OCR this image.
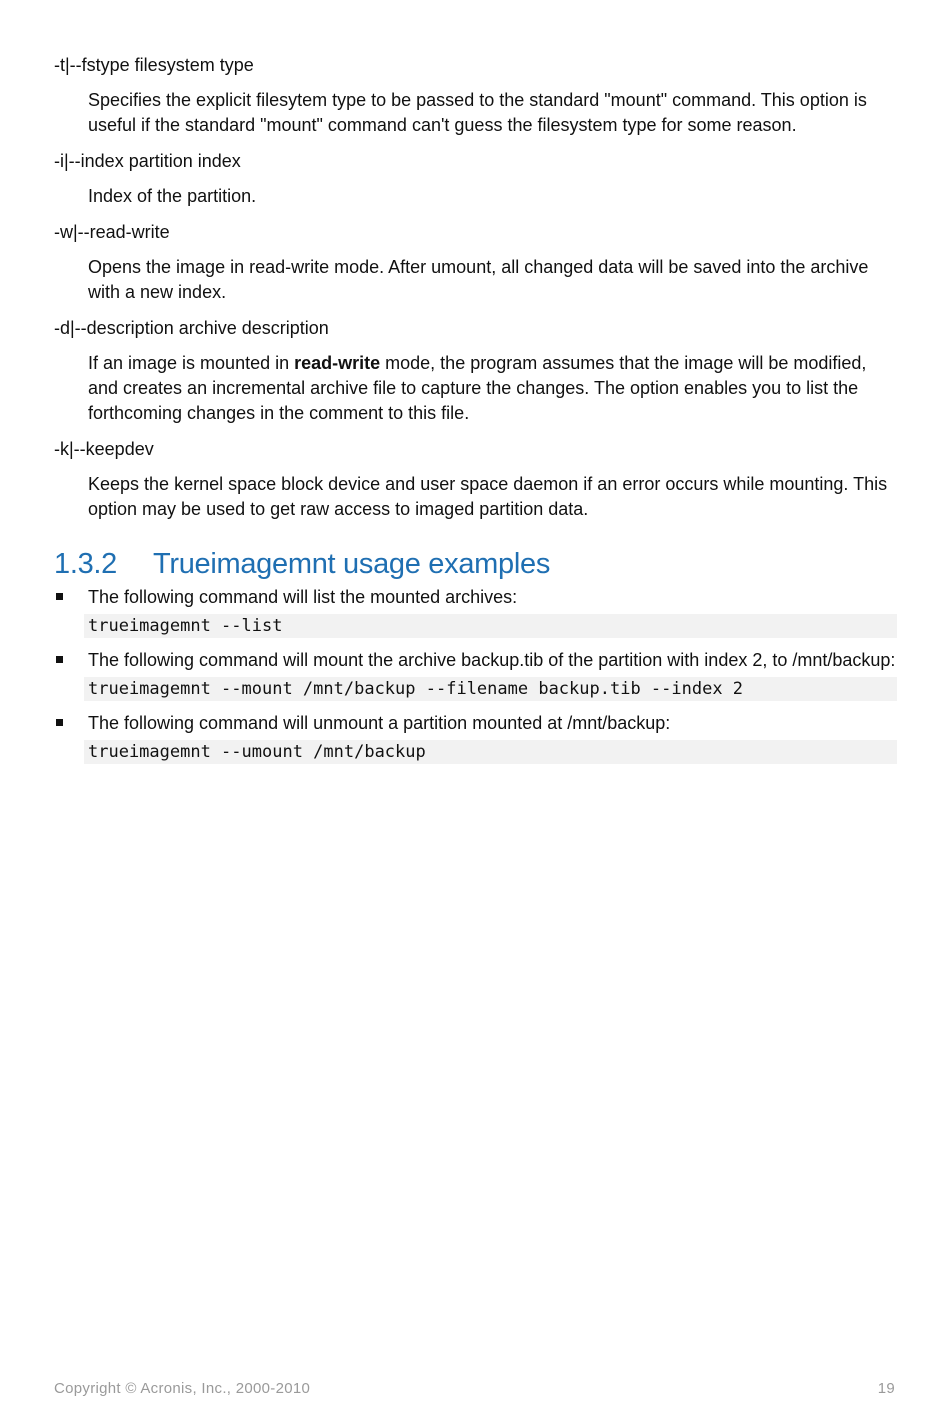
-t|--fstype filesystem type

Specifies the explicit filesytem type to be passed to the standard "mount" command. This option is useful if the standard "mount" command can't guess the filesystem type for some reason.

-i|--index partition index

Index of the partition.

-w|--read-write

Opens the image in read-write mode. After umount, all changed data will be saved into the archive with a new index.

-d|--description archive description

If an image is mounted in read-write mode, the program assumes that the image will be modified, and creates an incremental archive file to capture the changes. The option enables you to list the forthcoming changes in the comment to this file.

-k|--keepdev

Keeps the kernel space block device and user space daemon if an error occurs while mounting. This option may be used to get raw access to imaged partition data.

1.3.2	Trueimagemnt usage examples

The following command will list the mounted archives:

trueimagemnt --list

The following command will mount the archive backup.tib of the partition with index 2, to /mnt/backup:

trueimagemnt --mount /mnt/backup --filename backup.tib --index 2

The following command will unmount a partition mounted at /mnt/backup:

trueimagemnt --umount /mnt/backup
Copyright © Acronis, Inc., 2000-2010	19
